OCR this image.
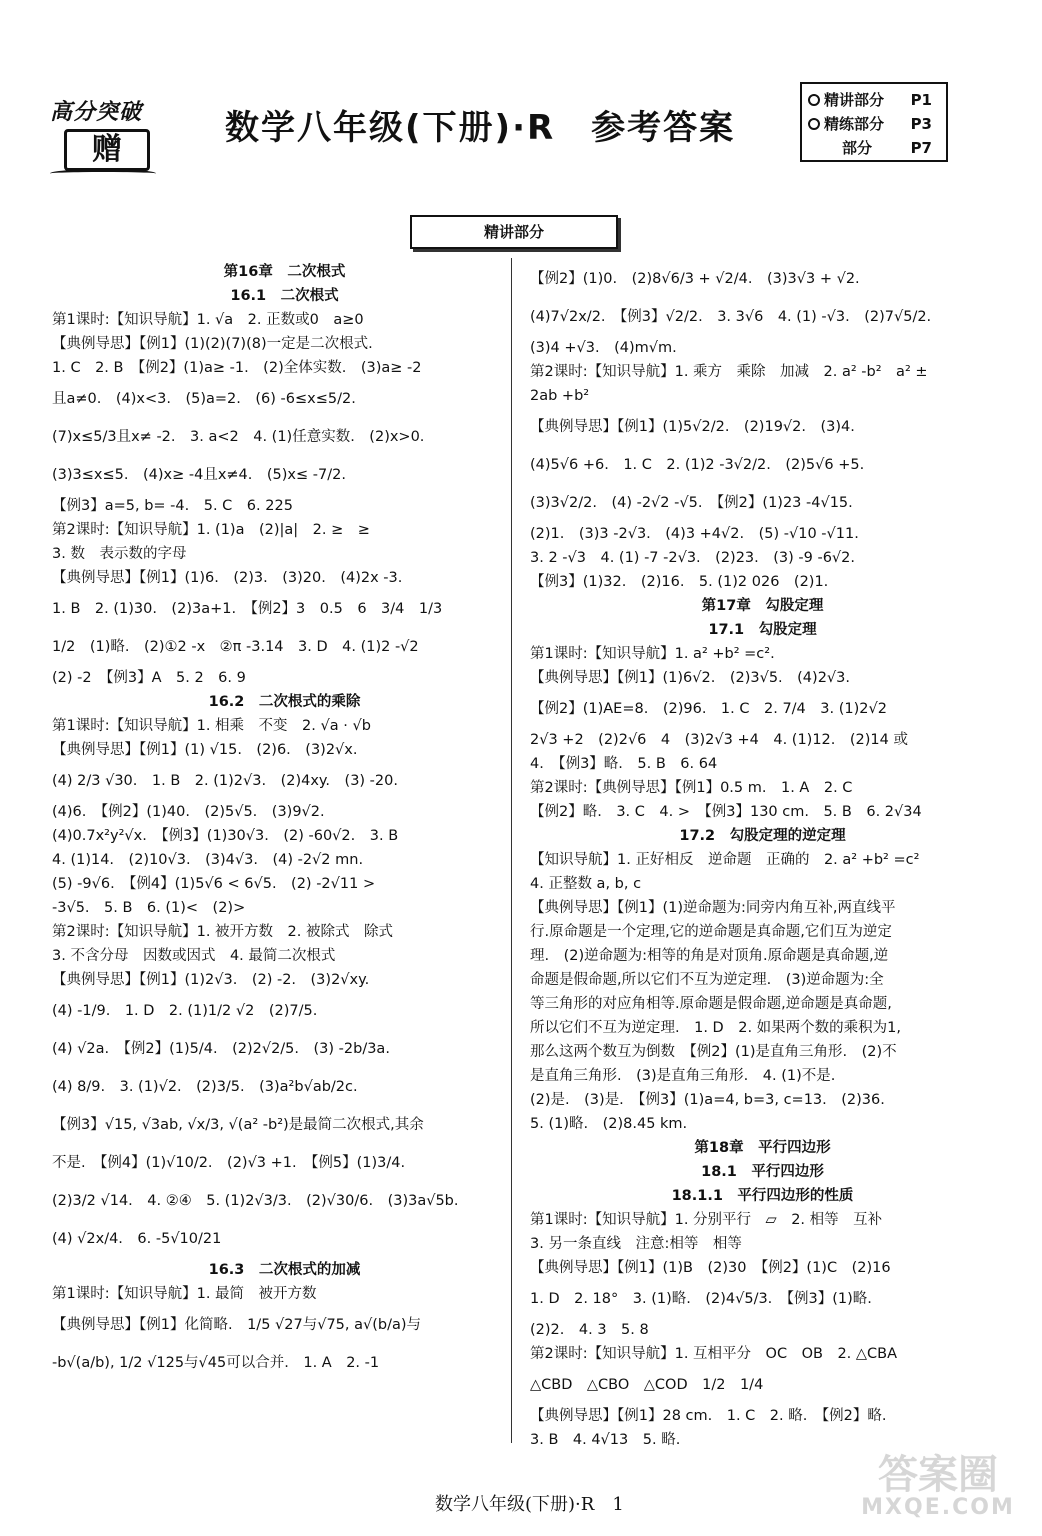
高分突破
赠
数学八年级(下册)·R　参考答案
精讲部分 P1
精练部分 P3
部分	P7
精讲部分

第16章　二次根式

16.1　二次根式

第1课时:【知识导航】1. √a　2. 正数或0　a≥0

【典例导思】【例1】(1)(2)(7)(8)一定是二次根式.

1. C　2. B　【例2】(1)a≥ -1.　(2)全体实数.　(3)a≥ -2

且a≠0.　(4)x<3.　(5)a=2.　(6) -6≤x≤5/2.

(7)x≤5/3且x≠ -2.　3. a<2　4. (1)任意实数.　(2)x>0.

(3)3≤x≤5.　(4)x≥ -4且x≠4.　(5)x≤ -7/2.

【例3】a=5, b= -4.　5. C　6. 225

第2课时:【知识导航】1. (1)a　(2)|a|　2. ≥　≥

3. 数　表示数的字母

【典例导思】【例1】(1)6.　(2)3.　(3)20.　(4)2x -3.

1. B　2. (1)30.　(2)3a+1.　【例2】3　0.5　6　3/4　1/3

1/2　(1)略.　(2)①2 -x　②π -3.14　3. D　4. (1)2 -√2

(2) -2　【例3】A　5. 2　6. 9

16.2　二次根式的乘除

第1课时:【知识导航】1. 相乘　不变　2. √a · √b

【典例导思】【例1】(1) √15.　(2)6.　(3)2√x.

(4) 2/3 √30.　1. B　2. (1)2√3.　(2)4xy.　(3) -20.

(4)6.　【例2】(1)40.　(2)5√5.　(3)9√2.

(4)0.7x²y²√x.　【例3】(1)30√3.　(2) -60√2.　3. B

4. (1)14.　(2)10√3.　(3)4√3.　(4) -2√2 mn.

(5) -9√6.　【例4】(1)5√6 < 6√5.　(2) -2√11 >

-3√5.　5. B　6. (1)<　(2)>

第2课时:【知识导航】1. 被开方数　2. 被除式　除式

3. 不含分母　因数或因式　4. 最简二次根式

【典例导思】【例1】(1)2√3.　(2) -2.　(3)2√xy.

(4) -1/9.　1. D　2. (1)1/2 √2　(2)7/5.

(4) √2a.　【例2】(1)5/4.　(2)2√2/5.　(3) -2b/3a.

(4) 8/9.　3. (1)√2.　(2)3/5.　(3)a²b√ab/2c.

【例3】√15, √3ab, √x/3, √(a² -b²)是最简二次根式,其余

不是.　【例4】(1)√10/2.　(2)√3 +1.　【例5】(1)3/4.

(2)3/2 √14.　4. ②④　5. (1)2√3/3.　(2)√30/6.　(3)3a√5b.

(4) √2x/4.　6. -5√10/21

16.3　二次根式的加减

第1课时:【知识导航】1. 最简　被开方数

【典例导思】【例1】化简略.　1/5 √27与√75, a√(b/a)与

-b√(a/b), 1/2 √125与√45可以合并.　1. A　2. -1

【例2】(1)0.　(2)8√6/3 + √2/4.　(3)3√3 + √2.

(4)7√2x/2.　【例3】√2/2.　3. 3√6　4. (1) -√3.　(2)7√5/2.

(3)4 +√3.　(4)m√m.

第2课时:【知识导航】1. 乘方　乘除　加减　2. a² -b²　a² ±

2ab +b²

【典例导思】【例1】(1)5√2/2.　(2)19√2.　(3)4.

(4)5√6 +6.　1. C　2. (1)2 -3√2/2.　(2)5√6 +5.

(3)3√2/2.　(4) -2√2 -√5.　【例2】(1)23 -4√15.

(2)1.　(3)3 -2√3.　(4)3 +4√2.　(5) -√10 -√11.

3. 2 -√3　4. (1) -7 -2√3.　(2)23.　(3) -9 -6√2.

【例3】(1)32.　(2)16.　5. (1)2 026　(2)1.

第17章　勾股定理

17.1　勾股定理

第1课时:【知识导航】1. a² +b² =c².

【典例导思】【例1】(1)6√2.　(2)3√5.　(4)2√3.

【例2】(1)AE=8.　(2)96.　1. C　2. 7/4　3. (1)2√2

2√3 +2　(2)2√6　4　(3)2√3 +4　4. (1)12.　(2)14 或

4.　【例3】略.　5. B　6. 64

第2课时:【典例导思】【例1】0.5 m.　1. A　2. C

【例2】略.　3. C　4. >　【例3】130 cm.　5. B　6. 2√34

17.2　勾股定理的逆定理

【知识导航】1. 正好相反　逆命题　正确的　2. a² +b² =c²

4. 正整数 a, b, c

【典例导思】【例1】(1)逆命题为:同旁内角互补,两直线平

行.原命题是一个定理,它的逆命题是真命题,它们互为逆定

理.　(2)逆命题为:相等的角是对顶角.原命题是真命题,逆

命题是假命题,所以它们不互为逆定理.　(3)逆命题为:全

等三角形的对应角相等.原命题是假命题,逆命题是真命题,

所以它们不互为逆定理.　1. D　2. 如果两个数的乘积为1,

那么这两个数互为倒数　【例2】(1)是直角三角形.　(2)不

是直角三角形.　(3)是直角三角形.　4. (1)不是.

(2)是.　(3)是.　【例3】(1)a=4, b=3, c=13.　(2)36.

5. (1)略.　(2)8.45 km.

第18章　平行四边形

18.1　平行四边形

18.1.1　平行四边形的性质

第1课时:【知识导航】1. 分别平行　▱　2. 相等　互补

3. 另一条直线　注意:相等　相等

【典例导思】【例1】(1)B　(2)30　【例2】(1)C　(2)16

1. D　2. 18°　3. (1)略.　(2)4√5/3.　【例3】(1)略.

(2)2.　4. 3　5. 8

第2课时:【知识导航】1. 互相平分　OC　OB　2. △CBA

△CBD　△CBO　△COD　1/2　1/4

【典例导思】【例1】28 cm.　1. C　2. 略.　【例2】略.

3. B　4. 4√13　5. 略.

数学八年级(下册)·R　1
答案圈
MXQE.COM
